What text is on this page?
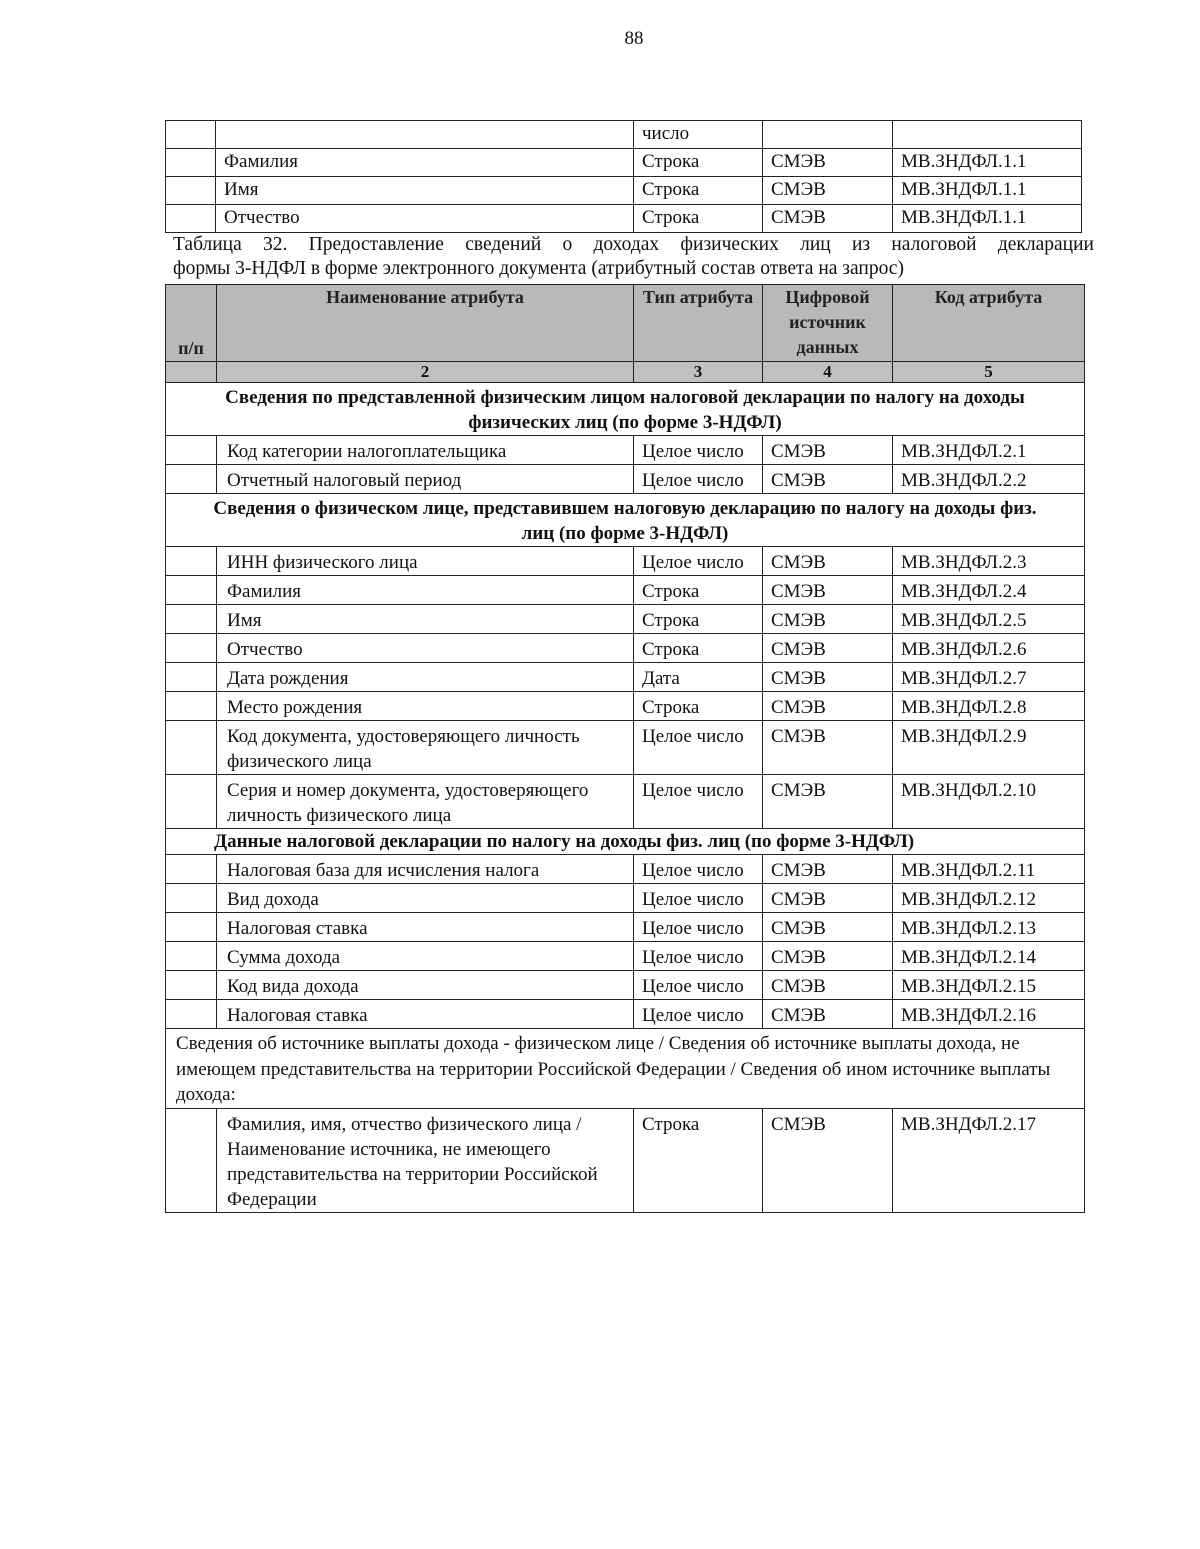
88
		число		
	Фамилия	Строка	СМЭВ	МВ.ЗНДФЛ.1.1
	Имя	Строка	СМЭВ	МВ.ЗНДФЛ.1.1
	Отчество	Строка	СМЭВ	МВ.ЗНДФЛ.1.1
Таблица 32. Предоставление сведений о доходах физических лиц из налоговой декларации
формы 3-НДФЛ в форме электронного документа (атрибутный состав ответа на запрос)
п/п	Наименование атрибута	Тип атрибута	Цифровой источник данных	Код атрибута
	2	3	4	5
Сведения по представленной физическим лицом налоговой декларации по налогу на доходы физических лиц (по форме 3-НДФЛ)				
	Код категории налогоплательщика	Целое число	СМЭВ	МВ.ЗНДФЛ.2.1
	Отчетный налоговый период	Целое число	СМЭВ	МВ.ЗНДФЛ.2.2
Сведения о физическом лице, представившем налоговую декларацию по налогу на доходы физ. лиц (по форме 3-НДФЛ)				
	ИНН физического лица	Целое число	СМЭВ	МВ.ЗНДФЛ.2.3
	Фамилия	Строка	СМЭВ	МВ.ЗНДФЛ.2.4
	Имя	Строка	СМЭВ	МВ.ЗНДФЛ.2.5
	Отчество	Строка	СМЭВ	МВ.ЗНДФЛ.2.6
	Дата рождения	Дата	СМЭВ	МВ.ЗНДФЛ.2.7
	Место рождения	Строка	СМЭВ	МВ.ЗНДФЛ.2.8
	Код документа, удостоверяющего личность физического лица	Целое число	СМЭВ	МВ.ЗНДФЛ.2.9
	Серия и номер документа, удостоверяющего личность физического лица	Целое число	СМЭВ	МВ.ЗНДФЛ.2.10
Данные налоговой декларации по налогу на доходы физ. лиц (по форме 3-НДФЛ)				
	Налоговая база для исчисления налога	Целое число	СМЭВ	МВ.ЗНДФЛ.2.11
	Вид дохода	Целое число	СМЭВ	МВ.ЗНДФЛ.2.12
	Налоговая ставка	Целое число	СМЭВ	МВ.ЗНДФЛ.2.13
	Сумма дохода	Целое число	СМЭВ	МВ.ЗНДФЛ.2.14
	Код вида дохода	Целое число	СМЭВ	МВ.ЗНДФЛ.2.15
	Налоговая ставка	Целое число	СМЭВ	МВ.ЗНДФЛ.2.16
Сведения об источнике выплаты дохода - физическом лице / Сведения об источнике выплаты дохода, не имеющем представительства на территории Российской Федерации / Сведения об ином источнике выплаты дохода:				
	Фамилия, имя, отчество физического лица / Наименование источника, не имеющего представительства на территории Российской Федерации	Строка	СМЭВ	МВ.ЗНДФЛ.2.17
